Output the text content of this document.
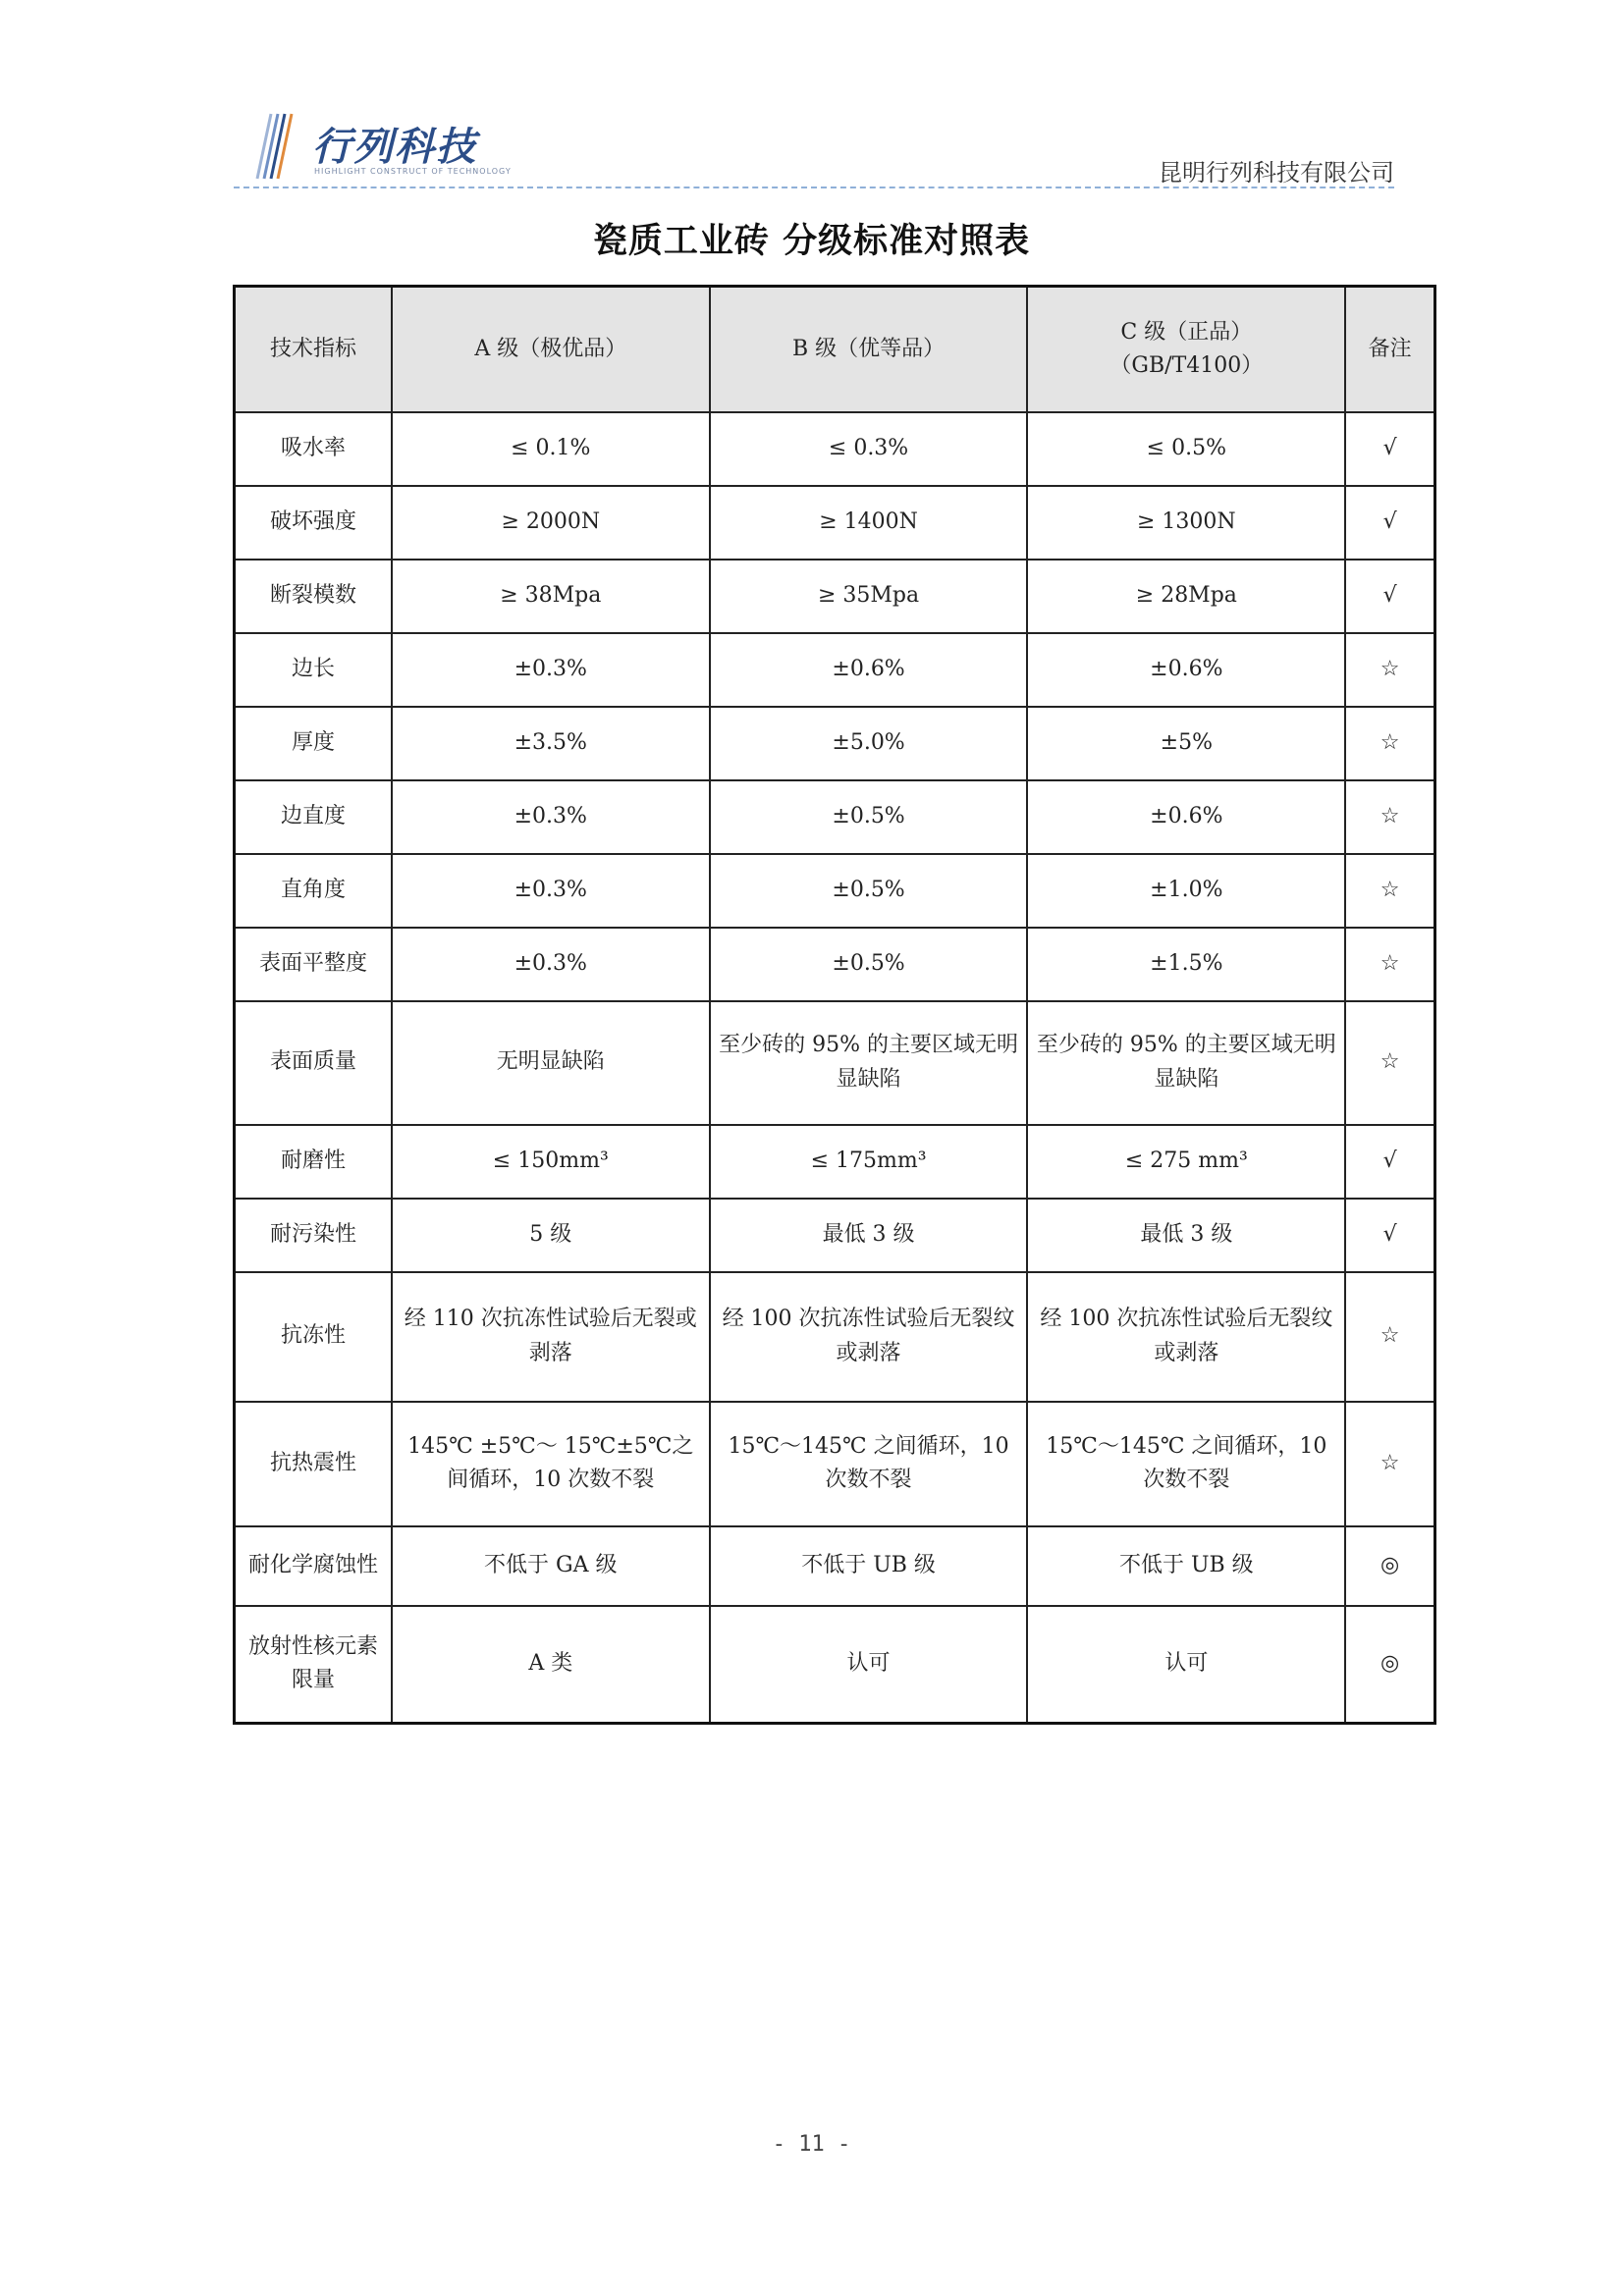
行列科技
HIGHLIGHT CONSTRUCT OF TECHNOLOGY	昆明行列科技有限公司
瓷质工业砖 分级标准对照表
技术指标	A 级（极优品）	B 级（优等品）	C 级（正品）
（GB/T4100）	备注
吸水率	≤ 0.1%	≤ 0.3%	≤ 0.5%	√
破坏强度	≥ 2000N	≥ 1400N	≥ 1300N	√
断裂模数	≥ 38Mpa	≥ 35Mpa	≥ 28Mpa	√
边长	±0.3%	±0.6%	±0.6%	☆
厚度	±3.5%	±5.0%	±5%	☆
边直度	±0.3%	±0.5%	±0.6%	☆
直角度	±0.3%	±0.5%	±1.0%	☆
表面平整度	±0.3%	±0.5%	±1.5%	☆
表面质量	无明显缺陷	至少砖的 95% 的主要区域无明显缺陷	至少砖的 95% 的主要区域无明显缺陷	☆
耐磨性	≤ 150mm³	≤ 175mm³	≤ 275 mm³	√
耐污染性	5 级	最低 3 级	最低 3 级	√
抗冻性	经 110 次抗冻性试验后无裂或剥落	经 100 次抗冻性试验后无裂纹或剥落	经 100 次抗冻性试验后无裂纹或剥落	☆
抗热震性	145℃ ±5℃～ 15℃±5℃之间循环，10 次数不裂	15℃～145℃ 之间循环，10 次数不裂	15℃～145℃ 之间循环，10 次数不裂	☆
耐化学腐蚀性	不低于 GA 级	不低于 UB 级	不低于 UB 级	◎
放射性核元素限量	A 类	认可	认可	◎
- 11 -
